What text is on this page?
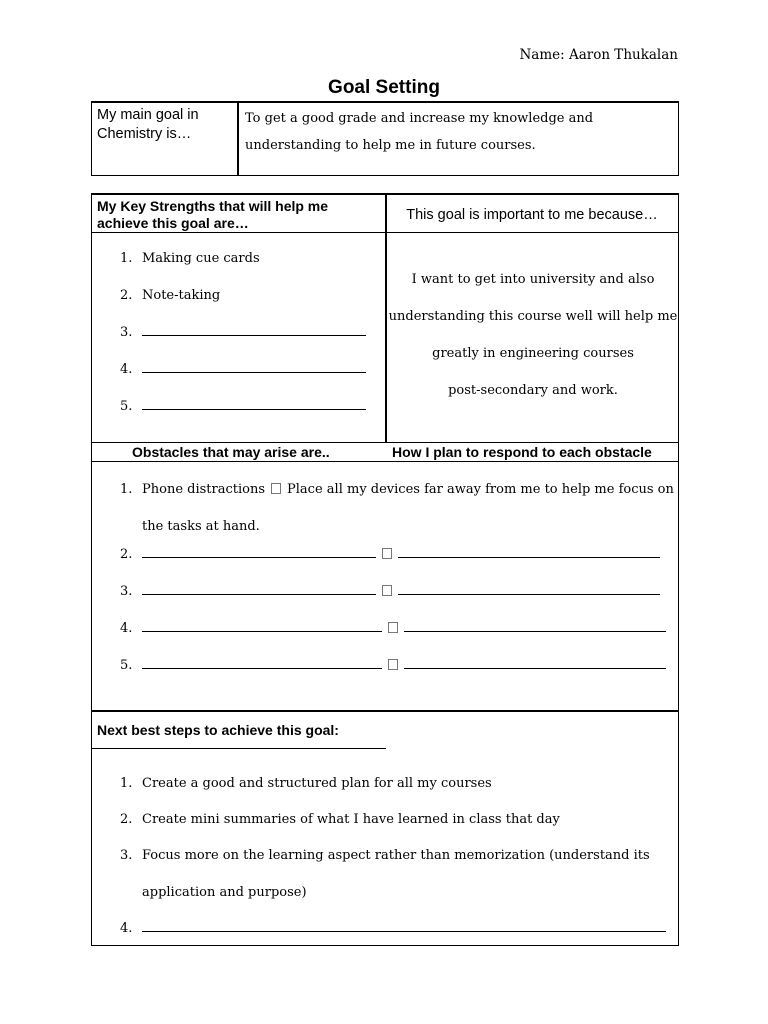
Name: Aaron Thukalan
Goal Setting
My main goal in Chemistry is…
To get a good grade and increase my knowledge and understanding to help me in future courses.
My Key Strengths that will help me achieve this goal are…	This goal is important to me because…
1. Making cue cards
2. Note-taking
3.
4.
5.
I want to get into university and also
understanding this course well will help me
greatly in engineering courses
post-secondary and work.
Obstacles that may arise are..	How I plan to respond to each obstacle
1. Phone distractions Place all my devices far away from me to help me focus on the tasks at hand.
2.
3.
4.
5.
Next best steps to achieve this goal:
1. Create a good and structured plan for all my courses
2. Create mini summaries of what I have learned in class that day
3. Focus more on the learning aspect rather than memorization (understand its application and purpose)
4.
